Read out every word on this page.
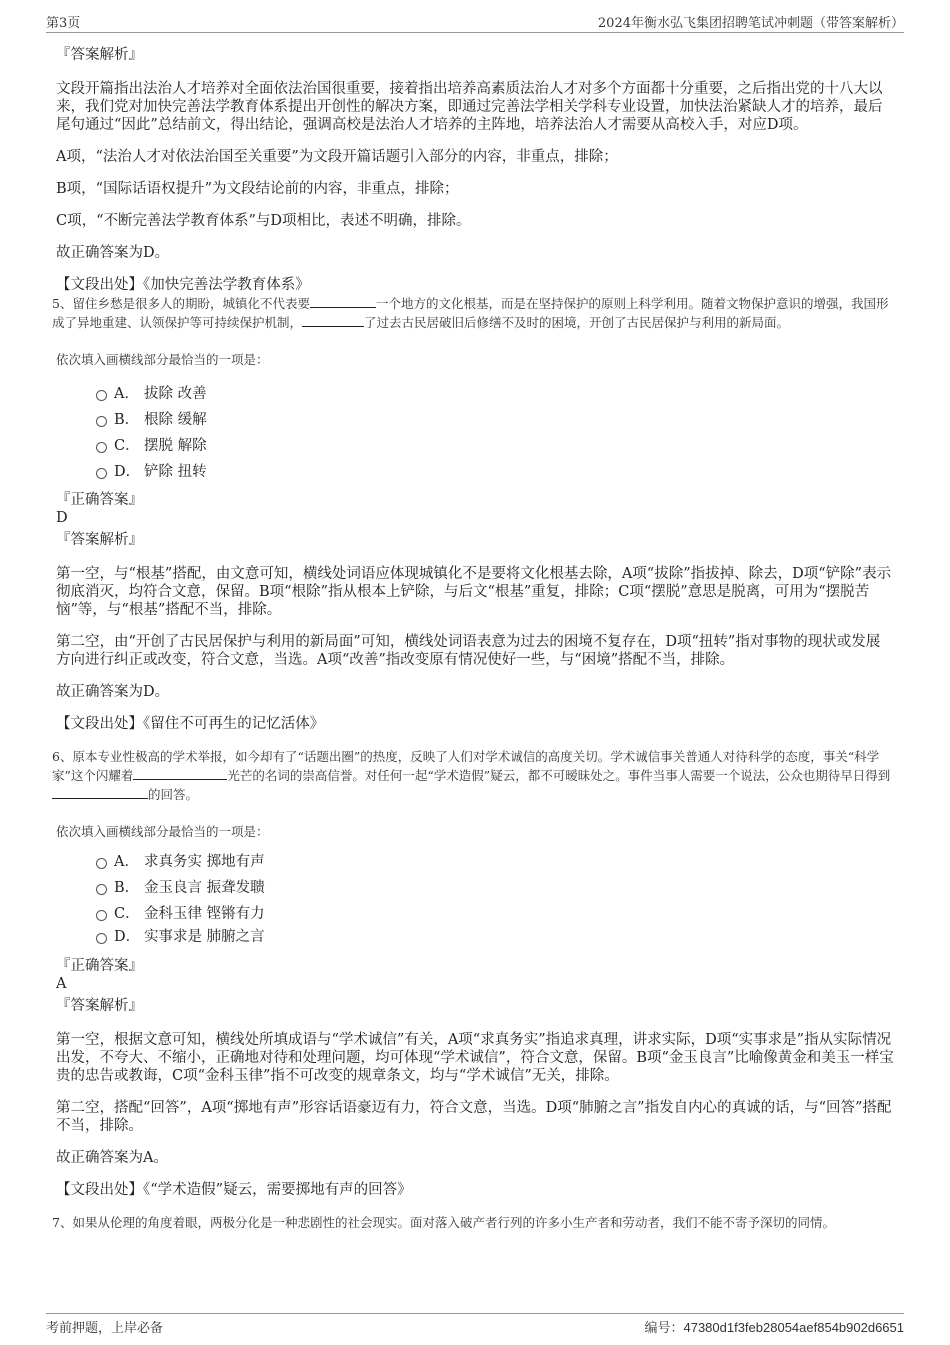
第3页	2024年衡水弘飞集团招聘笔试冲刺题（带答案解析）
『答案解析』

文段开篇指出法治人才培养对全面依法治国很重要，接着指出培养高素质法治人才对多个方面都十分重要，之后指出党的十八大以来，我们党对加快完善法学教育体系提出开创性的解决方案，即通过完善法学相关学科专业设置，加快法治紧缺人才的培养，最后尾句通过“因此”总结前文，得出结论，强调高校是法治人才培养的主阵地，培养法治人才需要从高校入手，对应D项。

A项，“法治人才对依法治国至关重要”为文段开篇话题引入部分的内容，非重点，排除；

B项，“国际话语权提升”为文段结论前的内容，非重点，排除；

C项，“不断完善法学教育体系”与D项相比，表述不明确，排除。

故正确答案为D。

【文段出处】《加快完善法学教育体系》

5、留住乡愁是很多人的期盼，城镇化不代表要	一个地方的文化根基，而是在坚持保护的原则上科学利用。随着文物保护意识的增强，我国形成了异地重建、认领保护等可持续保护机制，	了过去古民居破旧后修缮不及时的困境，开创了古民居保护与利用的新局面。

依次填入画横线部分最恰当的一项是：

A． 拔除 改善
B． 根除 缓解
C． 摆脱 解除
D． 铲除 扭转
『正确答案』
D
『答案解析』

第一空，与“根基”搭配，由文意可知，横线处词语应体现城镇化不是要将文化根基去除，A项“拔除”指拔掉、除去，D项“铲除”表示彻底消灭，均符合文意，保留。B项“根除”指从根本上铲除，与后文“根基”重复，排除；C项“摆脱”意思是脱离，可用为“摆脱苦恼”等，与“根基”搭配不当，排除。

第二空，由“开创了古民居保护与利用的新局面”可知，横线处词语表意为过去的困境不复存在，D项“扭转”指对事物的现状或发展方向进行纠正或改变，符合文意，当选。A项“改善”指改变原有情况使好一些，与“困境”搭配不当，排除。

故正确答案为D。

【文段出处】《留住不可再生的记忆活体》

6、原本专业性极高的学术举报，如今却有了“话题出圈”的热度，反映了人们对学术诚信的高度关切。学术诚信事关普通人对待科学的态度，事关“科学家”这个闪耀着	光芒的名词的崇高信誉。对任何一起“学术造假”疑云，都不可暧昧处之。事件当事人需要一个说法，公众也期待早日得到的回答。

依次填入画横线部分最恰当的一项是：

A． 求真务实 掷地有声
B． 金玉良言 振聋发聩
C． 金科玉律 铿锵有力
D． 实事求是 肺腑之言
『正确答案』
A
『答案解析』

第一空，根据文意可知，横线处所填成语与“学术诚信”有关，A项“求真务实”指追求真理，讲求实际，D项“实事求是”指从实际情况出发，不夸大、不缩小，正确地对待和处理问题，均可体现“学术诚信”，符合文意，保留。B项“金玉良言”比喻像黄金和美玉一样宝贵的忠告或教诲，C项“金科玉律”指不可改变的规章条文，均与“学术诚信”无关，排除。

第二空，搭配“回答”，A项“掷地有声”形容话语豪迈有力，符合文意，当选。D项“肺腑之言”指发自内心的真诚的话，与“回答”搭配不当，排除。

故正确答案为A。

【文段出处】《“学术造假”疑云，需要掷地有声的回答》

7、如果从伦理的角度着眼，两极分化是一种悲剧性的社会现实。面对落入破产者行列的许多小生产者和劳动者，我们不能不寄予深切的同情。

考前押题，上岸必备	编号：47380d1f3feb28054aef854b902d6651
